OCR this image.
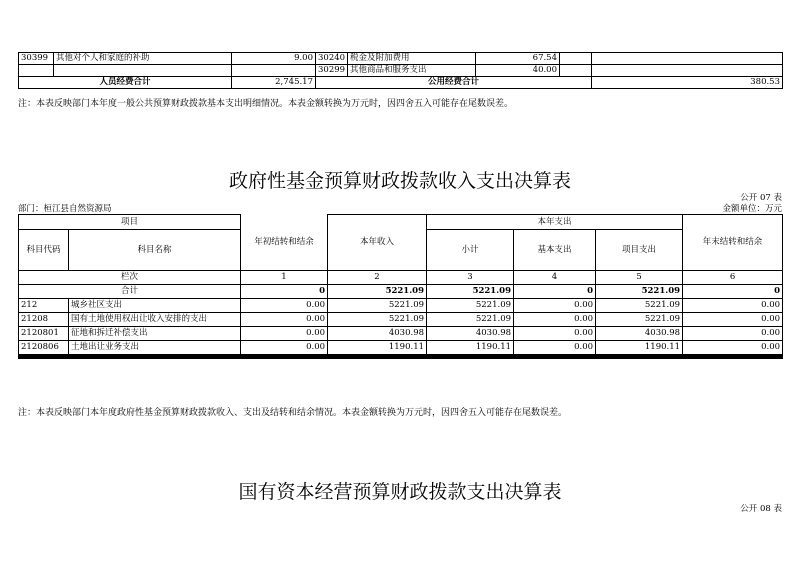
30399	其他对个人和家庭的补助	9.00	30240	税金及附加费用	67.54		
			30299	其他商品和服务支出	40.00		
人员经费合计		2,745.17	公用经费合计				380.53
注：本表反映部门本年度一般公共预算财政拨款基本支出明细情况。本表金额转换为万元时，因四舍五入可能存在尾数误差。
政府性基金预算财政拨款收入支出决算表
公开 07 表
部门：桓江县自然资源局	金额单位：万元
项目		年初结转和结余	本年收入	本年支出			年末结转和结余
科目代码	科目名称			小计	基本支出	项目支出	
栏次		1	2	3	4	5	6
合计		0	5221.09	5221.09	0	5221.09	0
212	城乡社区支出	0.00	5221.09	5221.09	0.00	5221.09	0.00
21208	国有土地使用权出让收入安排的支出	0.00	5221.09	5221.09	0.00	5221.09	0.00
2120801	征地和拆迁补偿支出	0.00	4030.98	4030.98	0.00	4030.98	0.00
2120806	土地出让业务支出	0.00	1190.11	1190.11	0.00	1190.11	0.00

注：本表反映部门本年度政府性基金预算财政拨款收入、支出及结转和结余情况。本表金额转换为万元时，因四舍五入可能存在尾数误差。
国有资本经营预算财政拨款支出决算表
公开 08 表
